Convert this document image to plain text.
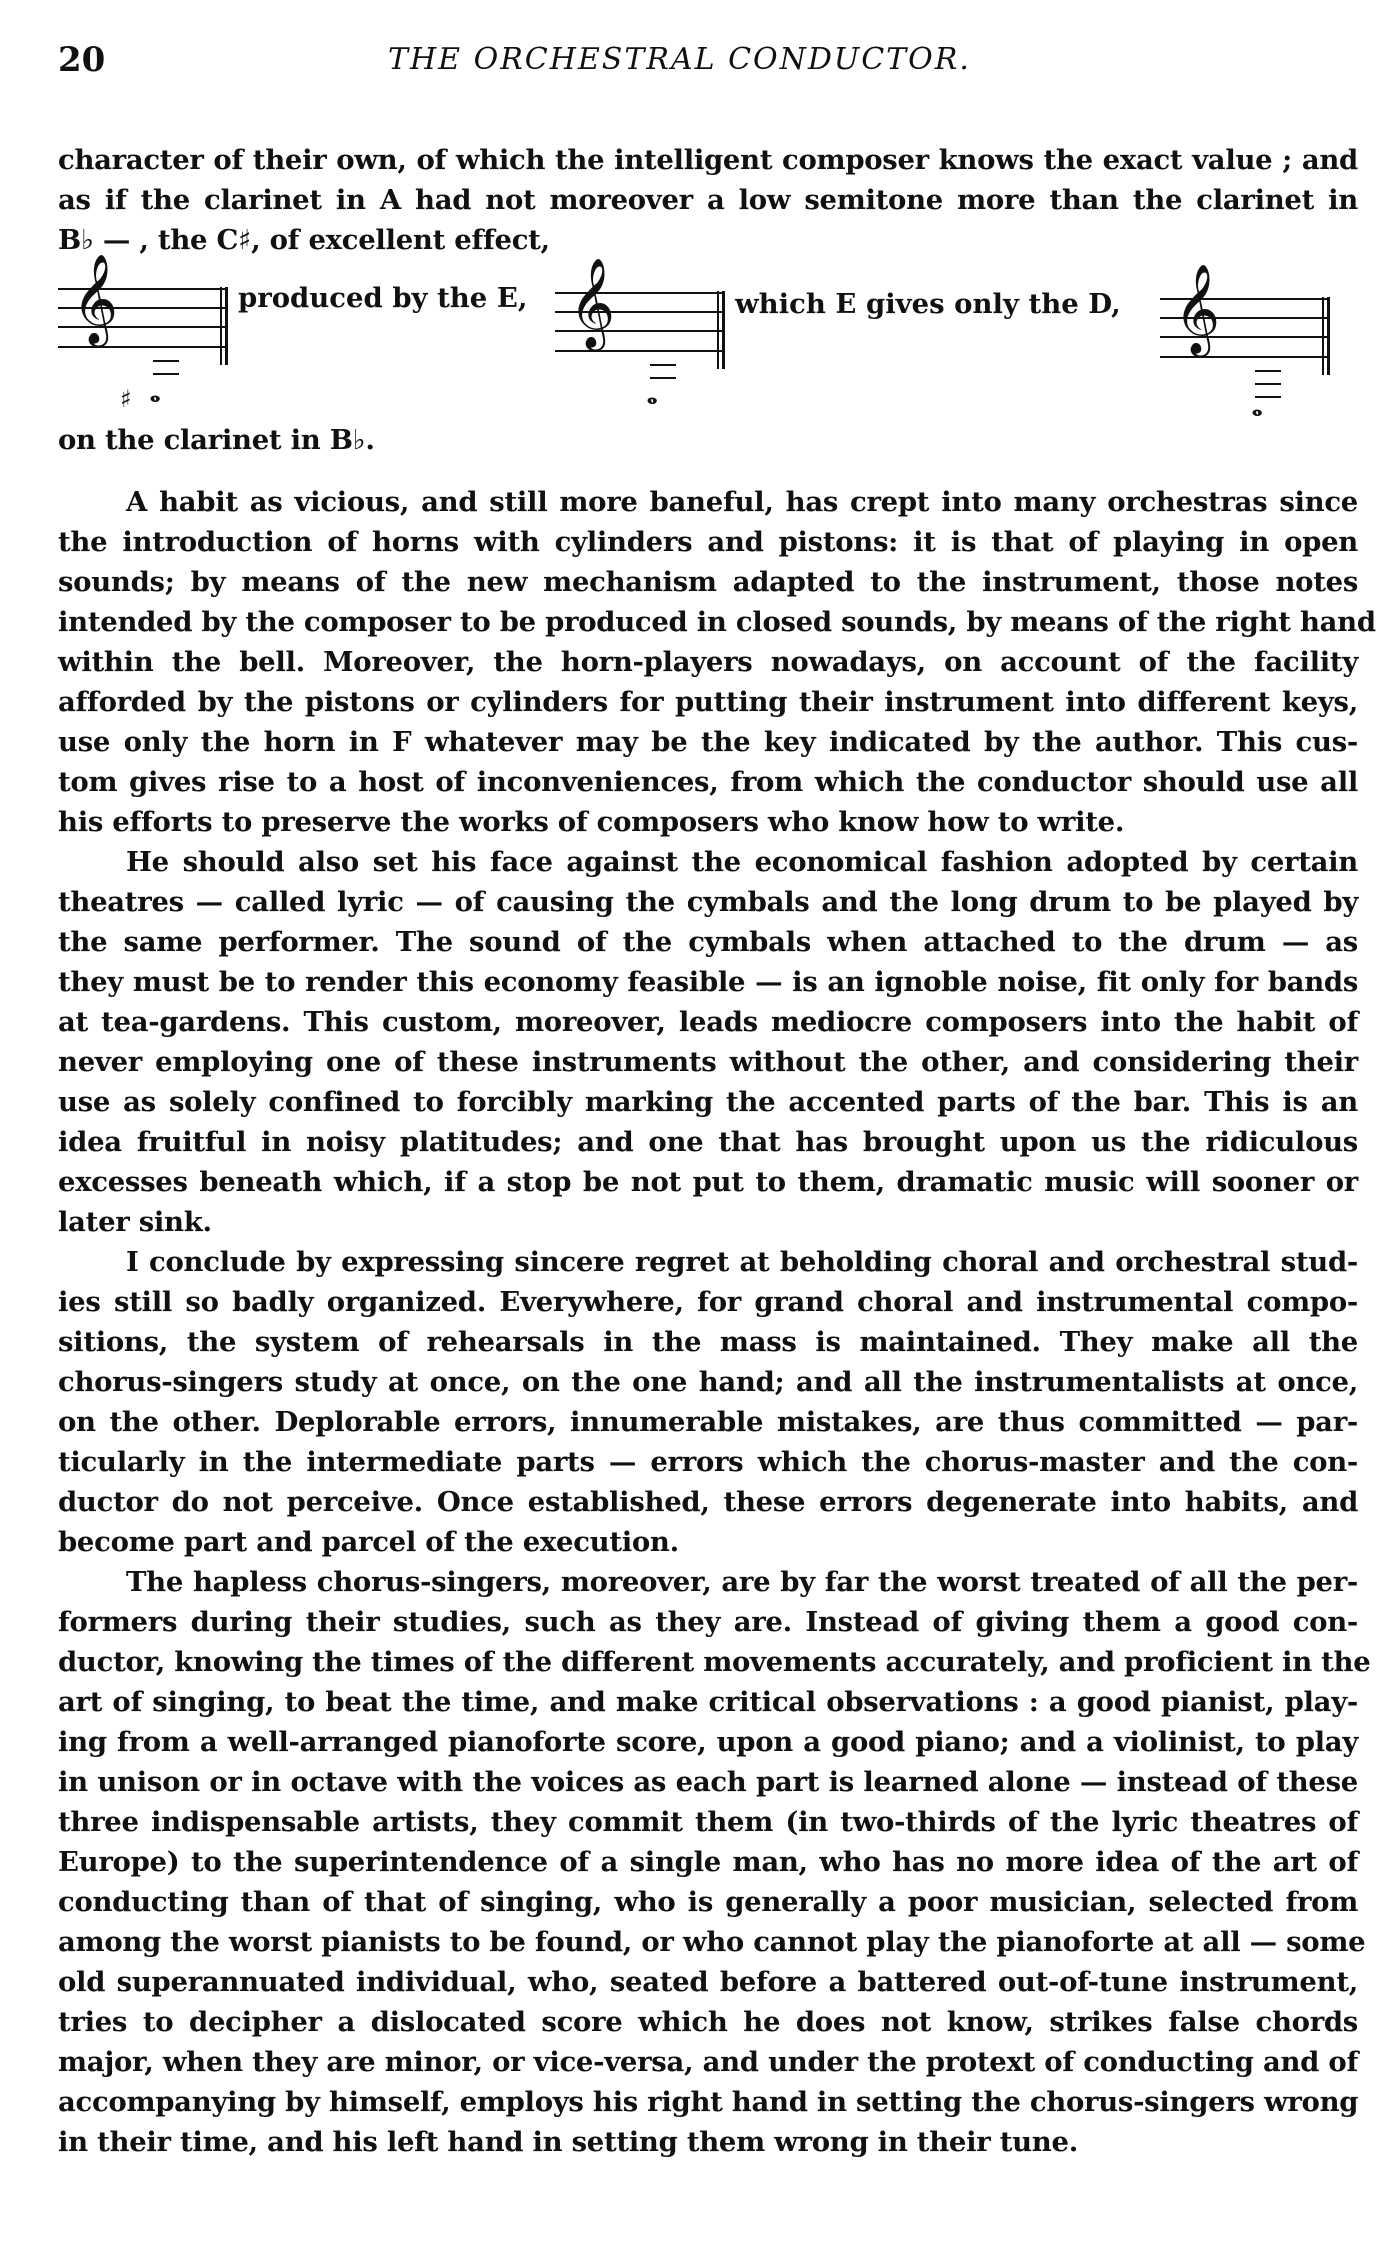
20	THE ORCHESTRAL CONDUCTOR.
character of their own, of which the intelligent composer knows the exact value ; and
as if the clarinet in A had not moreover a low semitone more than the clarinet in
B♭ — , the C♯, of excellent effect,
𝄞
♯ 𝅝
produced by the E, 𝄞
𝅝
which E gives only the D, 𝄞
𝅝
on the clarinet in B♭.
A habit as vicious, and still more baneful, has crept into many orchestras since
the introduction of horns with cylinders and pistons: it is that of playing in open
sounds; by means of the new mechanism adapted to the instrument, those notes
intended by the composer to be produced in closed sounds, by means of the right hand
within the bell. Moreover, the horn-players nowadays, on account of the facility
afforded by the pistons or cylinders for putting their instrument into different keys,
use only the horn in F whatever may be the key indicated by the author. This cus-
tom gives rise to a host of inconveniences, from which the conductor should use all
his efforts to preserve the works of composers who know how to write.
He should also set his face against the economical fashion adopted by certain
theatres — called lyric — of causing the cymbals and the long drum to be played by
the same performer. The sound of the cymbals when attached to the drum — as
they must be to render this economy feasible — is an ignoble noise, fit only for bands
at tea-gardens. This custom, moreover, leads mediocre composers into the habit of
never employing one of these instruments without the other, and considering their
use as solely confined to forcibly marking the accented parts of the bar. This is an
idea fruitful in noisy platitudes; and one that has brought upon us the ridiculous
excesses beneath which, if a stop be not put to them, dramatic music will sooner or
later sink.
I conclude by expressing sincere regret at beholding choral and orchestral stud-
ies still so badly organized. Everywhere, for grand choral and instrumental compo-
sitions, the system of rehearsals in the mass is maintained. They make all the
chorus-singers study at once, on the one hand; and all the instrumentalists at once,
on the other. Deplorable errors, innumerable mistakes, are thus committed — par-
ticularly in the intermediate parts — errors which the chorus-master and the con-
ductor do not perceive. Once established, these errors degenerate into habits, and
become part and parcel of the execution.
The hapless chorus-singers, moreover, are by far the worst treated of all the per-
formers during their studies, such as they are. Instead of giving them a good con-
ductor, knowing the times of the different movements accurately, and proficient in the
art of singing, to beat the time, and make critical observations : a good pianist, play-
ing from a well-arranged pianoforte score, upon a good piano; and a violinist, to play
in unison or in octave with the voices as each part is learned alone — instead of these
three indispensable artists, they commit them (in two-thirds of the lyric theatres of
Europe) to the superintendence of a single man, who has no more idea of the art of
conducting than of that of singing, who is generally a poor musician, selected from
among the worst pianists to be found, or who cannot play the pianoforte at all — some
old superannuated individual, who, seated before a battered out-of-tune instrument,
tries to decipher a dislocated score which he does not know, strikes false chords
major, when they are minor, or vice-versa, and under the protext of conducting and of
accompanying by himself, employs his right hand in setting the chorus-singers wrong
in their time, and his left hand in setting them wrong in their tune.
